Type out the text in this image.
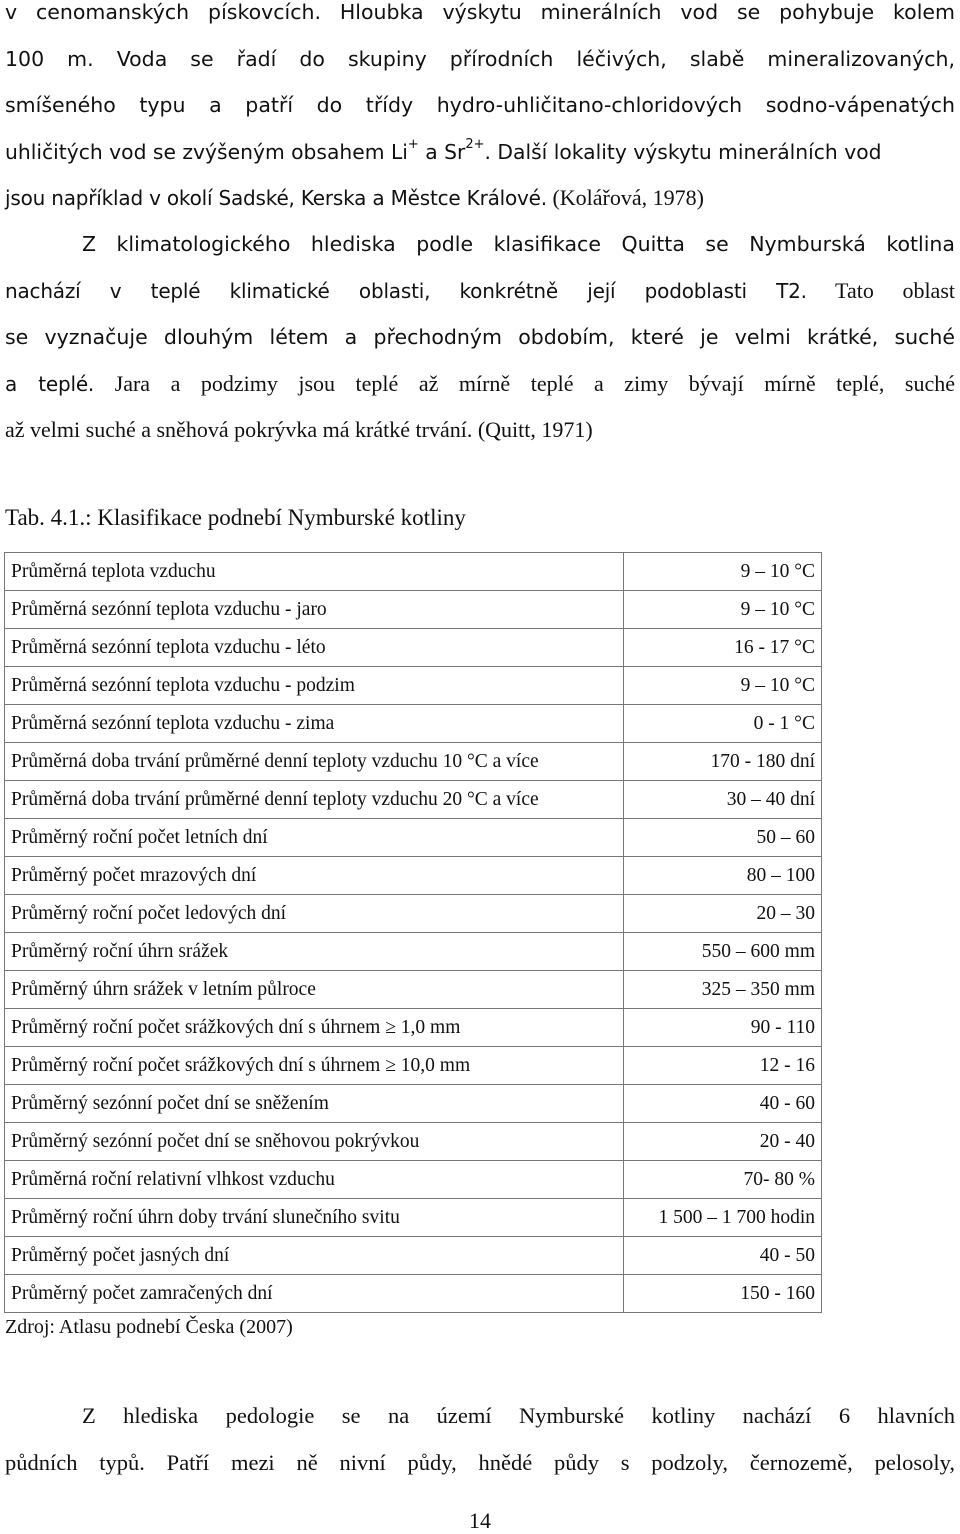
v cenomanských pískovcích. Hloubka výskytu minerálních vod se pohybuje kolem
100 m. Voda se řadí do skupiny přírodních léčivých, slabě mineralizovaných,
smíšeného typu a patří do třídy hydro-uhličitano-chloridových sodno-vápenatých
uhličitých vod se zvýšeným obsahem Li+ a $Sr^{2+}$. Další lokality výskytu minerálních vod
jsou například v okolí Sadské, Kerska a Městce Králové. (Kolářová, 1978)
Z klimatologického hlediska podle klasifikace Quitta se Nymburská kotlina
nachází v teplé klimatické oblasti, konkrétně její podoblasti T2. Tato oblast
se vyznačuje dlouhým létem a přechodným obdobím, které je velmi krátké, suché
a teplé. Jara a podzimy jsou teplé až mírně teplé a zimy bývají mírně teplé, suché
až velmi suché a sněhová pokrývka má krátké trvání. (Quitt, 1971)
Tab. 4.1.: Klasifikace podnebí Nymburské kotliny
Průměrná teplota vzduchu	9 – 10 °C
Průměrná sezónní teplota vzduchu - jaro	9 – 10 °C
Průměrná sezónní teplota vzduchu - léto	16 - 17 °C
Průměrná sezónní teplota vzduchu - podzim	9 – 10 °C
Průměrná sezónní teplota vzduchu - zima	0 - 1 °C
Průměrná doba trvání průměrné denní teploty vzduchu 10 °C a více	170 - 180 dní
Průměrná doba trvání průměrné denní teploty vzduchu 20 °C a více	30 – 40 dní
Průměrný roční počet letních dní	50 – 60
Průměrný počet mrazových dní	80 – 100
Průměrný roční počet ledových dní	20 – 30
Průměrný roční úhrn srážek	550 – 600 mm
Průměrný úhrn srážek v letním půlroce	325 – 350 mm
Průměrný roční počet srážkových dní s úhrnem ≥ 1,0 mm	90 - 110
Průměrný roční počet srážkových dní s úhrnem ≥ 10,0 mm	12 - 16
Průměrný sezónní počet dní se sněžením	40 - 60
Průměrný sezónní počet dní se sněhovou pokrývkou	20 - 40
Průměrná roční relativní vlhkost vzduchu	70- 80 %
Průměrný roční úhrn doby trvání slunečního svitu	1 500 – 1 700 hodin
Průměrný počet jasných dní	40 - 50
Průměrný počet zamračených dní	150 - 160
Zdroj: Atlasu podnebí Česka (2007)
Z hlediska pedologie se na území Nymburské kotliny nachází 6 hlavních
půdních typů. Patří mezi ně nivní půdy, hnědé půdy s podzoly, černozemě, pelosoly,
14
